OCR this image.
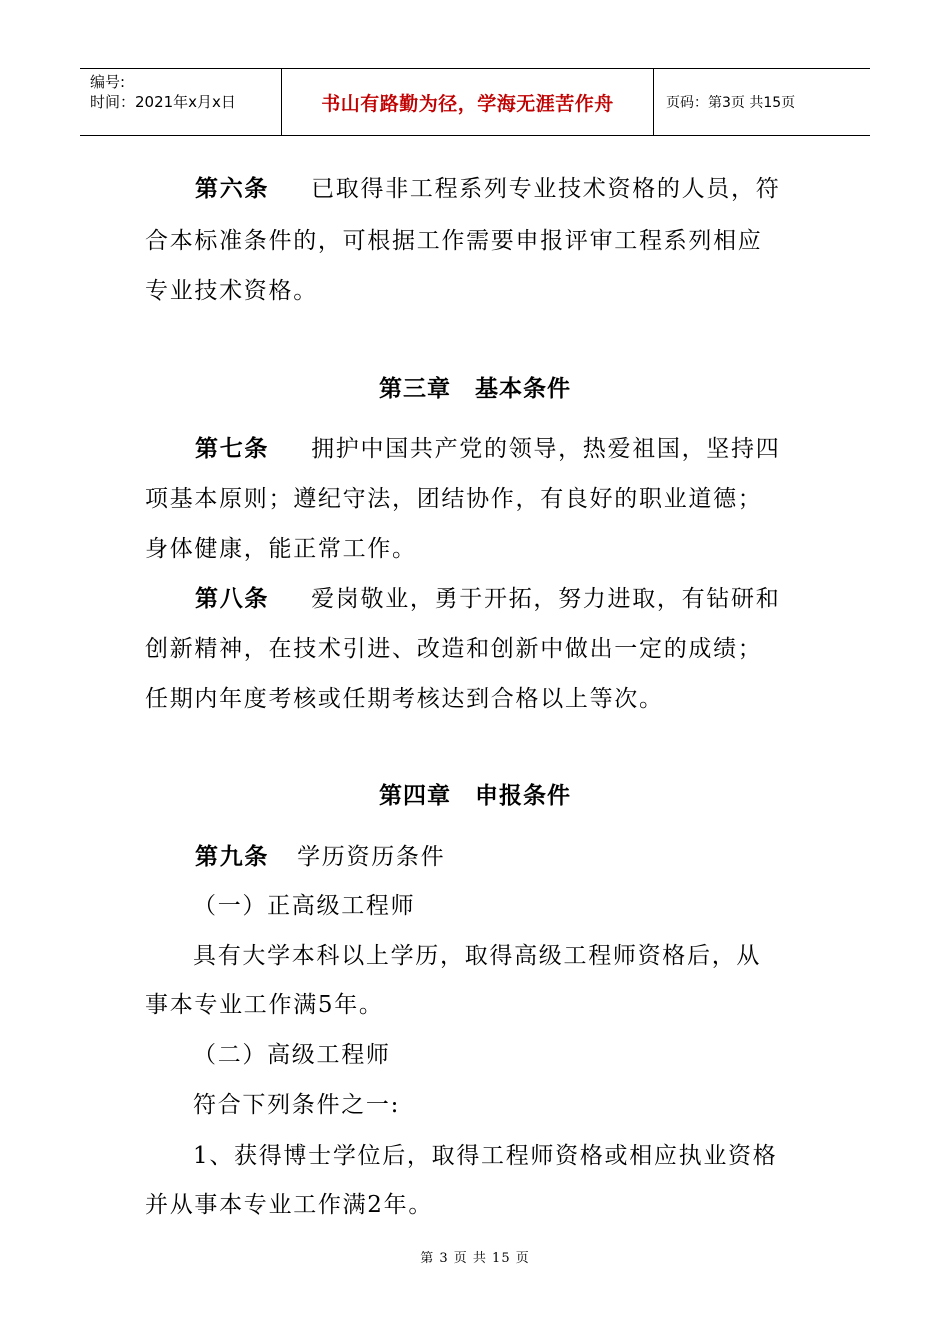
编号:
时间：2021年x月x日	书山有路勤为径，学海无涯苦作舟	页码：第3页 共15页
第六条 已取得非工程系列专业技术资格的人员，符
合本标准条件的，可根据工作需要申报评审工程系列相应
专业技术资格。
第三章　基本条件
第七条 拥护中国共产党的领导，热爱祖国，坚持四
项基本原则；遵纪守法，团结协作，有良好的职业道德；
身体健康，能正常工作。
第八条 爱岗敬业，勇于开拓，努力进取，有钻研和
创新精神，在技术引进、改造和创新中做出一定的成绩；
任期内年度考核或任期考核达到合格以上等次。
第四章　申报条件
第九条 学历资历条件
（一）正高级工程师
具有大学本科以上学历，取得高级工程师资格后，从
事本专业工作满5年。
（二）高级工程师
符合下列条件之一:
1、获得博士学位后，取得工程师资格或相应执业资格
并从事本专业工作满2年。
第 3 页 共 15 页
